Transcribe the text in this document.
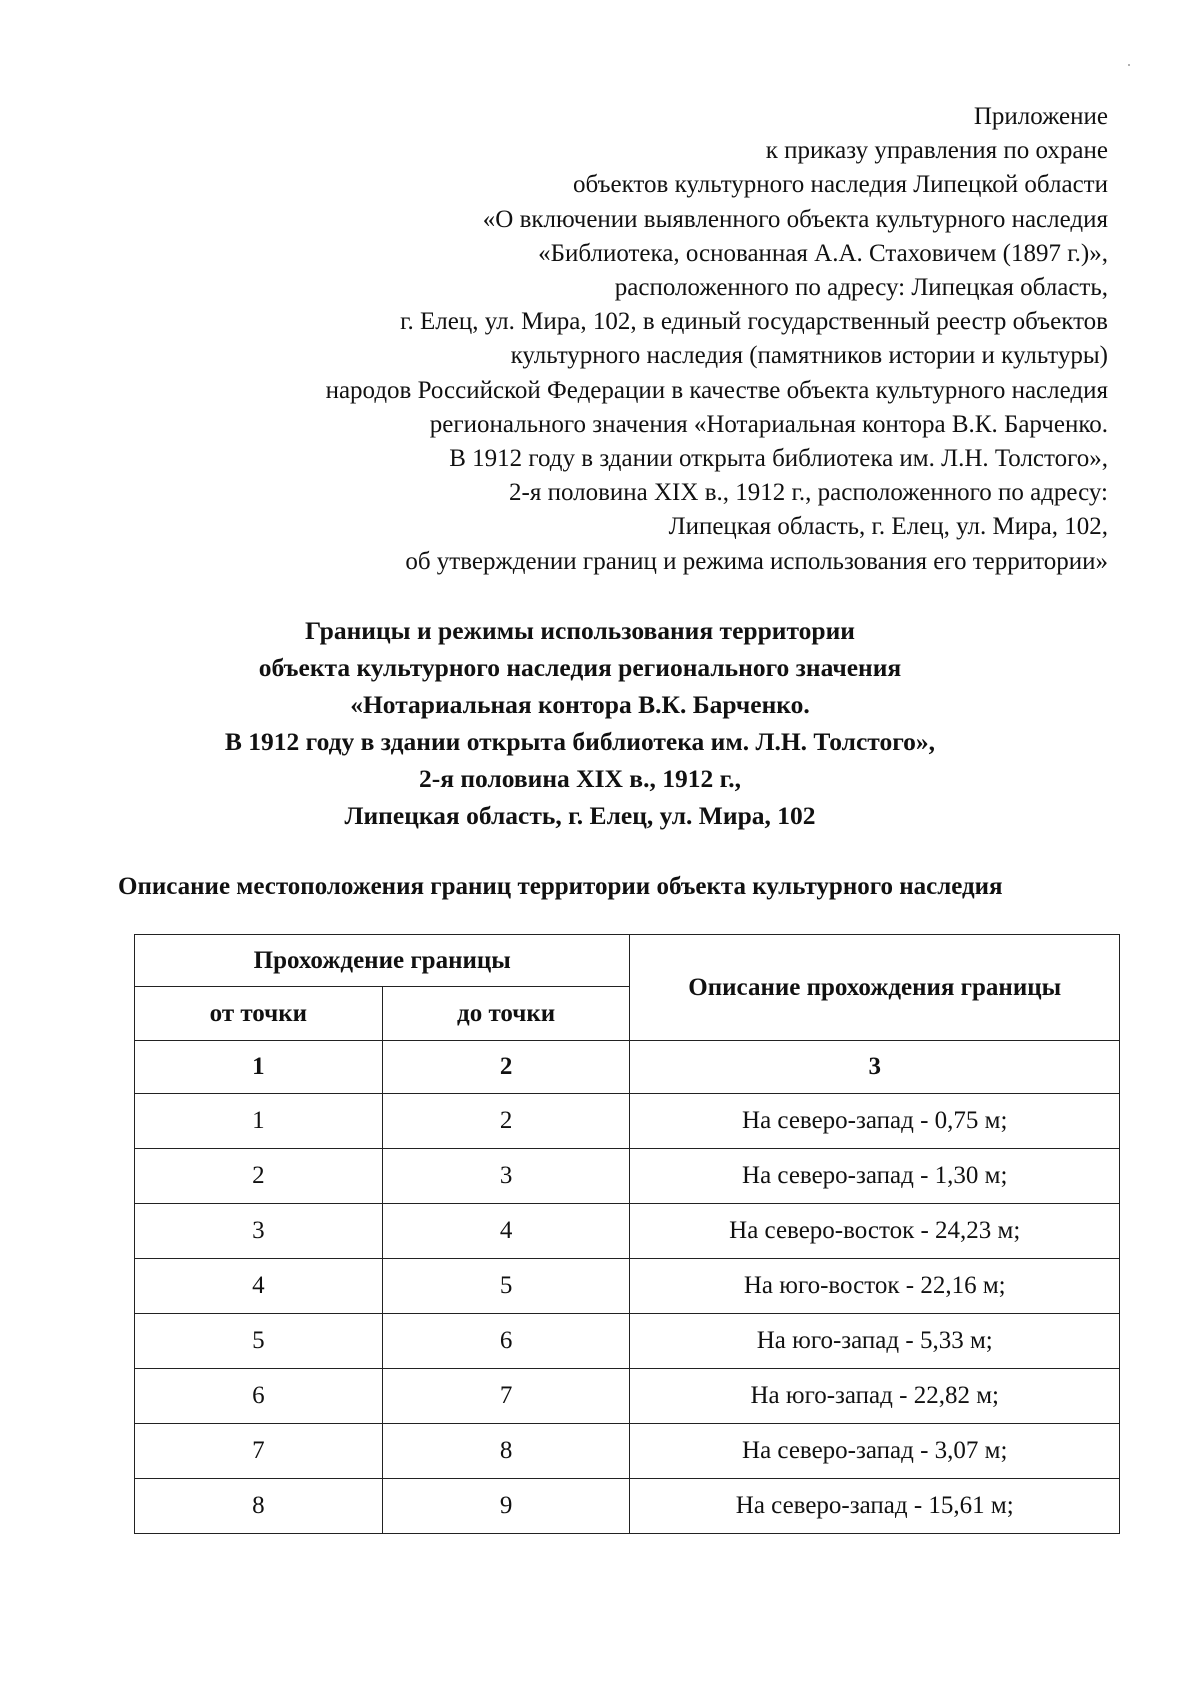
Приложение
к приказу управления по охране
объектов культурного наследия Липецкой области
«О включении выявленного объекта культурного наследия
«Библиотека, основанная А.А. Стаховичем (1897 г.)»,
расположенного по адресу: Липецкая область,
г. Елец, ул. Мира, 102, в единый государственный реестр объектов
культурного наследия (памятников истории и культуры)
народов Российской Федерации в качестве объекта культурного наследия
регионального значения «Нотариальная контора В.К. Барченко.
В 1912 году в здании открыта библиотека им. Л.Н. Толстого»,
2-я половина XIX в., 1912 г., расположенного по адресу:
Липецкая область, г. Елец, ул. Мира, 102,
об утверждении границ и режима использования его территории»
Границы и режимы использования территории
объекта культурного наследия регионального значения
«Нотариальная контора В.К. Барченко.
В 1912 году в здании открыта библиотека им. Л.Н. Толстого»,
2-я половина XIX в., 1912 г.,
Липецкая область, г. Елец, ул. Мира, 102
Описание местоположения границ территории объекта культурного наследия
Прохождение границы		Описание прохождения границы
от точки	до точки	
1	2	3
1	2	На северо-запад - 0,75 м;
2	3	На северо-запад - 1,30 м;
3	4	На северо-восток - 24,23 м;
4	5	На юго-восток - 22,16 м;
5	6	На юго-запад - 5,33 м;
6	7	На юго-запад - 22,82 м;
7	8	На северо-запад - 3,07 м;
8	9	На северо-запад - 15,61 м;
